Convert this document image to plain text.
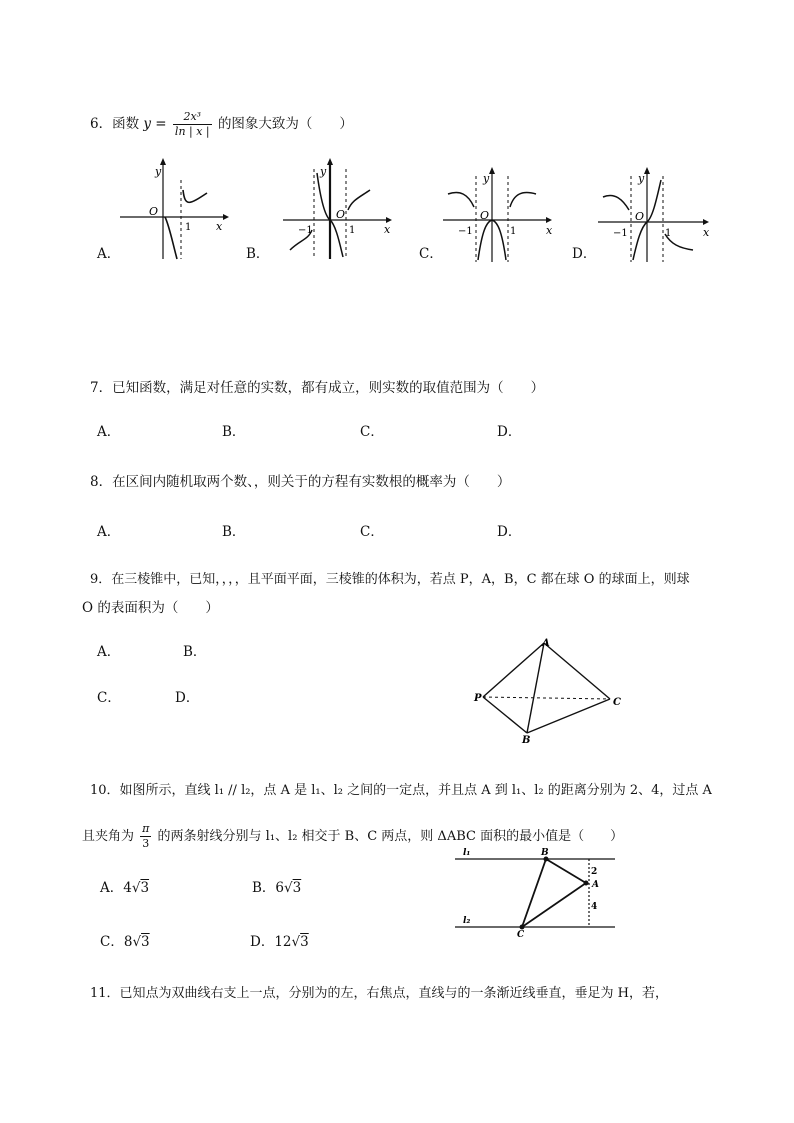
6．函数 $y = \frac{\text{2x³}}{\ln | x |}$ 的图象大致为（　　）
y
x
O
1
A．
y
x
O
−1	1
B．
y
x
O
−1	1
C．
y
x
O
−1	1
D．
7．已知函数，满足对任意的实数，都有成立，则实数的取值范围为（　　）
A．	B．	C．	D．
8．在区间内随机取两个数、，则关于的方程有实数根的概率为（　　）
A．	B．	C．	D．
9．在三棱锥中，已知，，，，且平面平面，三棱锥的体积为，若点 P，A，B，C 都在球 O 的球面上，则球
O 的表面积为（　　）
A．	B．
C．	D．
A
P	C
B
10．如图所示，直线 l₁ // l₂，点 A 是 l₁、l₂ 之间的一定点，并且点 A 到 l₁、l₂ 的距离分别为 2、4，过点 A
且夹角为 $\frac{\pi}{3}$ 的两条射线分别与 l₁、l₂ 相交于 B、C 两点，则 ΔABC 面积的最小值是（　　）
A．4√3	B．6√3
C．8√3	D．12√3
l₁
l₂
B
A
C
2
4
11．已知点为双曲线右支上一点，分别为的左，右焦点，直线与的一条渐近线垂直，垂足为 H，若，
